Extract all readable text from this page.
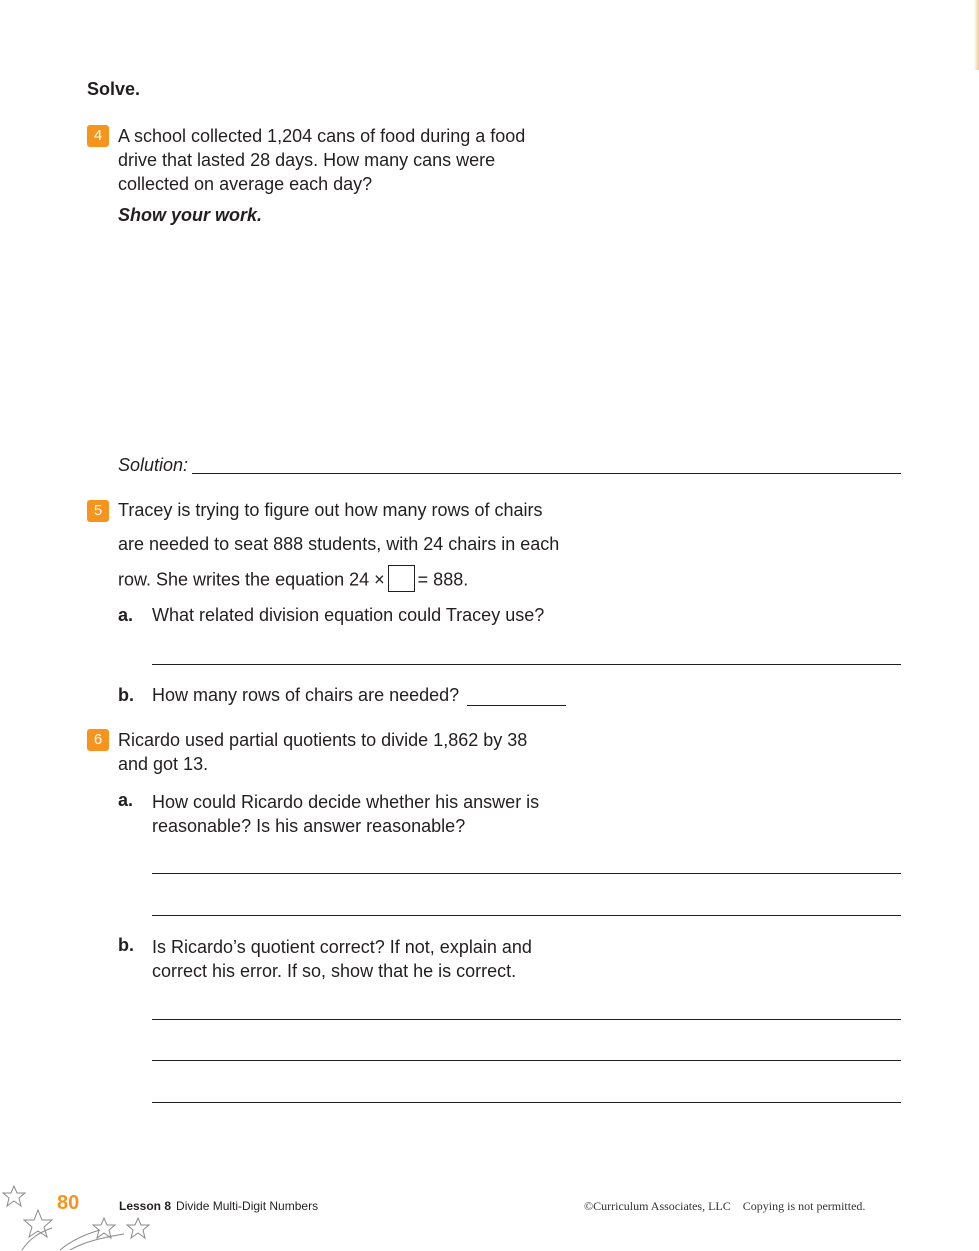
Solve.
4 A school collected 1,204 cans of food during a food
drive that lasted 28 days. How many cans were
collected on average each day?
Show your work.
Solution:
5 Tracey is trying to figure out how many rows of chairs
are needed to seat 888 students, with 24 chairs in each
row. She writes the equation 24 × = 888.
a. What related division equation could Tracey use?
b. How many rows of chairs are needed?
6 Ricardo used partial quotients to divide 1,862 by 38
and got 13.
a. How could Ricardo decide whether his answer is
reasonable? Is his answer reasonable?
b. Is Ricardo’s quotient correct? If not, explain and
correct his error. If so, show that he is correct.
80	Lesson 8 Divide Multi-Digit Numbers	©Curriculum Associates, LLC Copying is not permitted.
